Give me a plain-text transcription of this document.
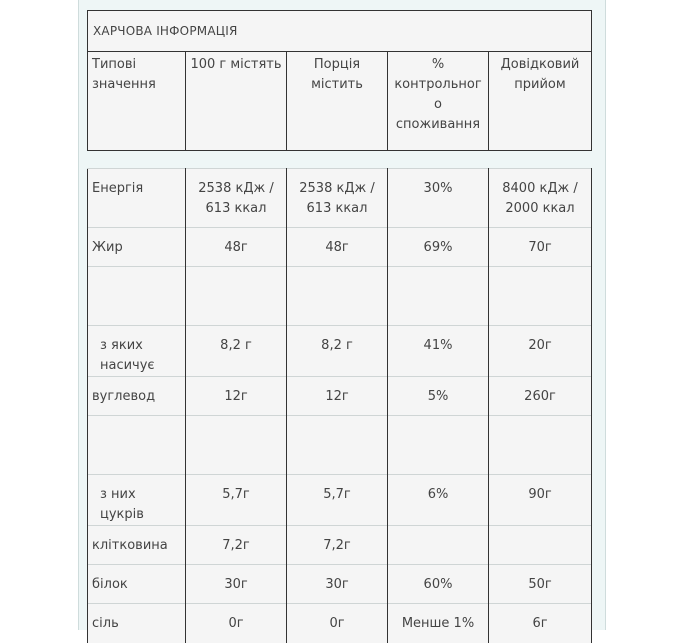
ХАРЧОВА ІНФОРМАЦІЯ
Типові значення	100 г містять	Порція містить	% контрольного споживання	Довідковий прийом
Енергія	2538 кДж / 613 ккал	2538 кДж / 613 ккал	30%	8400 кДж / 2000 ккал
Жир	48г	48г	69%	70г

з яких насичує	8,2 г	8,2 г	41%	20г
вуглевод	12г	12г	5%	260г

з них цукрів	5,7г	5,7г	6%	90г
клітковина	7,2г	7,2г		
білок	30г	30г	60%	50г
сіль	0г	0г	Менше 1%	6г
